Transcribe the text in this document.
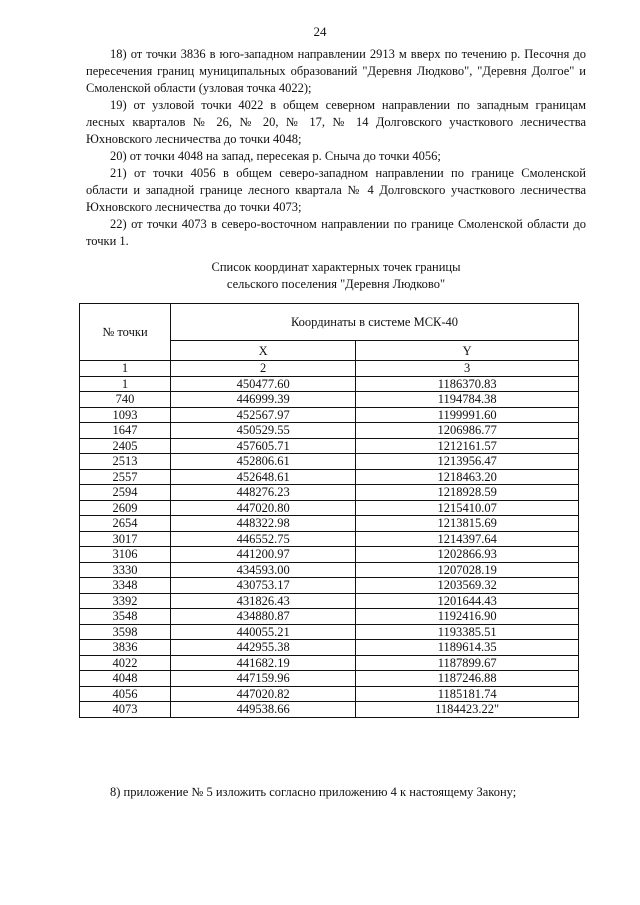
24

18) от точки 3836 в юго-западном направлении 2913 м вверх по течению р. Песочня до пересечения границ муниципальных образований "Деревня Людково", "Деревня Долгое" и Смоленской области (узловая точка 4022);

19) от узловой точки 4022 в общем северном направлении по западным границам лесных кварталов № 26, № 20, № 17, № 14 Долговского участкового лесничества Юхновского лесничества до точки 4048;

20) от точки 4048 на запад, пересекая р. Сныча до точки 4056;

21) от точки 4056 в общем северо-западном направлении по границе Смоленской области и западной границе лесного квартала № 4 Долговского участкового лесничества Юхновского лесничества до точки 4073;

22) от точки 4073 в северо-восточном направлении по границе Смоленской области до точки 1.

Список координат характерных точек границы
сельского поселения "Деревня Людково"
№ точки	Координаты в системе МСК-40	
	X	Y
1	2	3
1	450477.60	1186370.83
740	446999.39	1194784.38
1093	452567.97	1199991.60
1647	450529.55	1206986.77
2405	457605.71	1212161.57
2513	452806.61	1213956.47
2557	452648.61	1218463.20
2594	448276.23	1218928.59
2609	447020.80	1215410.07
2654	448322.98	1213815.69
3017	446552.75	1214397.64
3106	441200.97	1202866.93
3330	434593.00	1207028.19
3348	430753.17	1203569.32
3392	431826.43	1201644.43
3548	434880.87	1192416.90
3598	440055.21	1193385.51
3836	442955.38	1189614.35
4022	441682.19	1187899.67
4048	447159.96	1187246.88
4056	447020.82	1185181.74
4073	449538.66	1184423.22"

8) приложение № 5 изложить согласно приложению 4 к настоящему Закону;
